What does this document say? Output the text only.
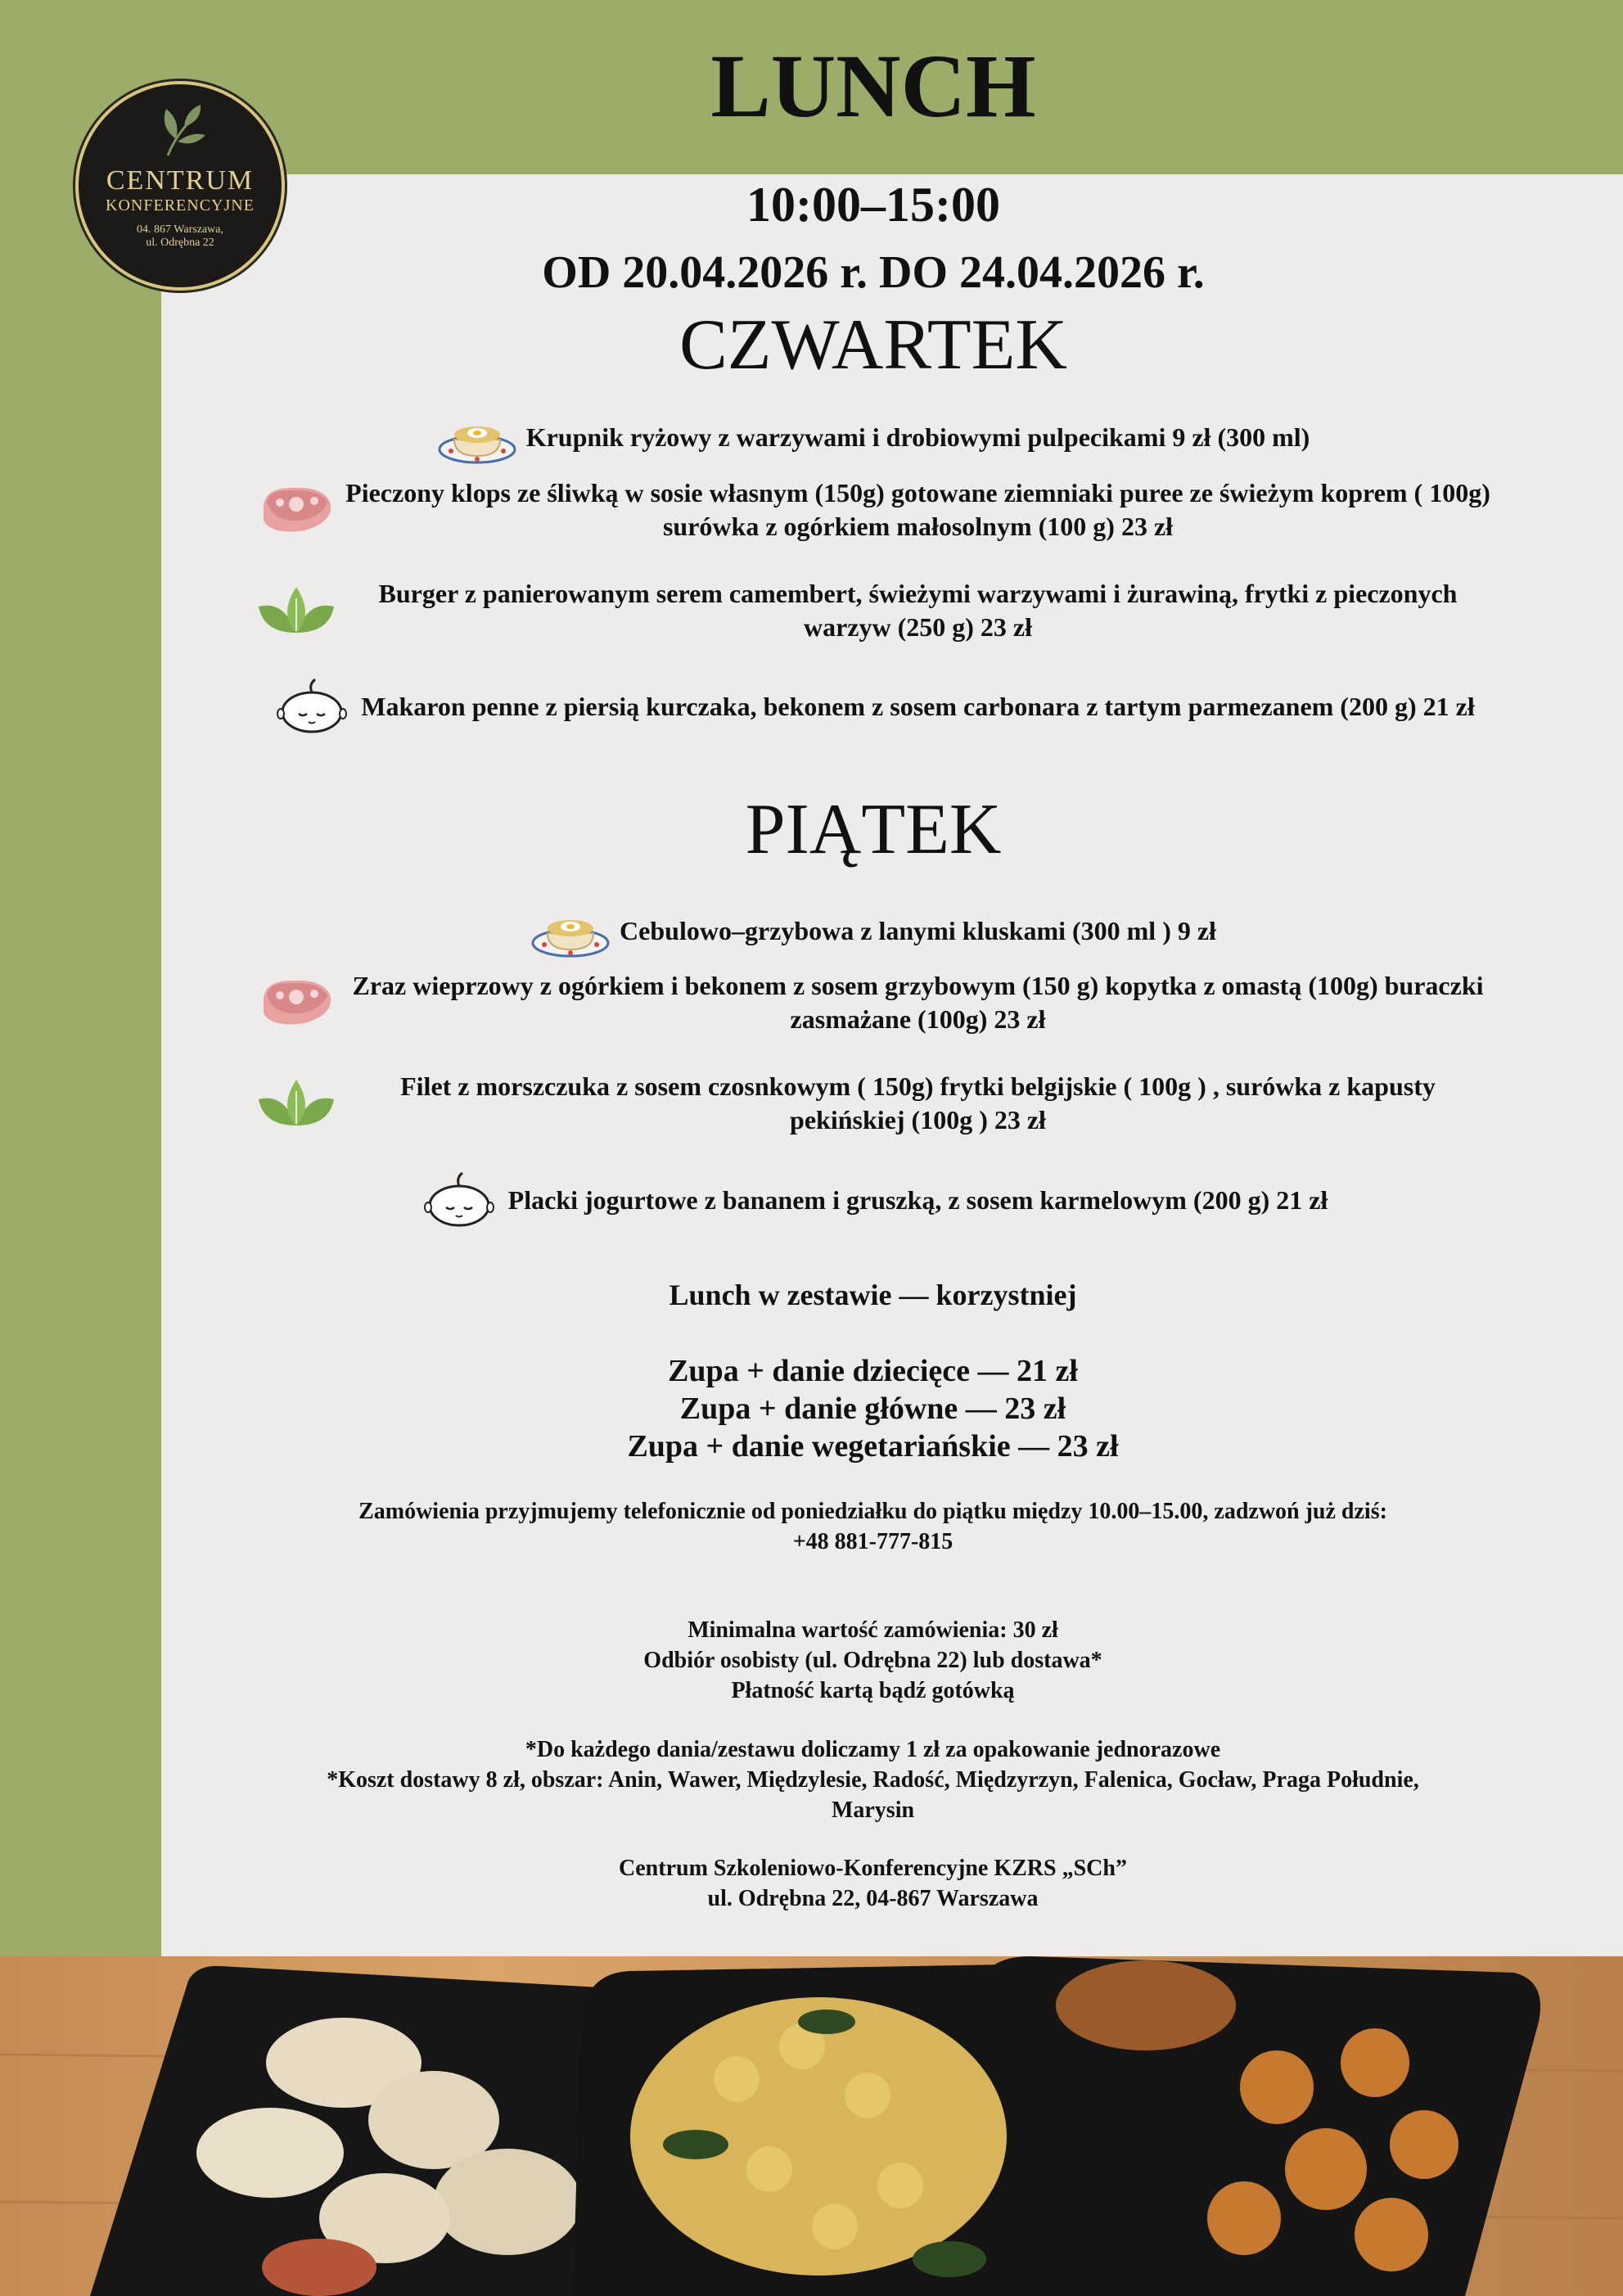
CENTRUM
KONFERENCYJNE
04. 867 Warszawa,
ul. Odrębna 22
LUNCH
10:00–15:00
OD 20.04.2026 r. DO 24.04.2026 r.
CZWARTEK
Krupnik ryżowy z warzywami i drobiowymi pulpecikami 9 zł (300 ml)
Pieczony klops ze śliwką w sosie własnym (150g) gotowane ziemniaki puree ze świeżym koprem ( 100g) surówka z ogórkiem małosolnym (100 g) 23 zł
Burger z panierowanym serem camembert, świeżymi warzywami i żurawiną, frytki z pieczonych warzyw (250 g) 23 zł
Makaron penne z piersią kurczaka, bekonem z sosem carbonara z tartym parmezanem (200 g) 21 zł
PIĄTEK
Cebulowo–grzybowa z lanymi kluskami (300 ml ) 9 zł
Zraz wieprzowy z ogórkiem i bekonem z sosem grzybowym (150 g) kopytka z omastą (100g) buraczki zasmażane (100g) 23 zł
Filet z morszczuka z sosem czosnkowym ( 150g) frytki belgijskie ( 100g ) , surówka z kapusty pekińskiej (100g ) 23 zł
Placki jogurtowe z bananem i gruszką, z sosem karmelowym (200 g) 21 zł
Lunch w zestawie — korzystniej
Zupa + danie dziecięce — 21 zł
Zupa + danie główne — 23 zł
Zupa + danie wegetariańskie — 23 zł
Zamówienia przyjmujemy telefonicznie od poniedziałku do piątku między 10.00–15.00, zadzwoń już dziś:
+48 881-777-815
Minimalna wartość zamówienia: 30 zł
Odbiór osobisty (ul. Odrębna 22) lub dostawa*
Płatność kartą bądź gotówką
*Do każdego dania/zestawu doliczamy 1 zł za opakowanie jednorazowe
*Koszt dostawy 8 zł, obszar: Anin, Wawer, Międzylesie, Radość, Międzyrzyn, Falenica, Gocław, Praga Południe, Marysin
Centrum Szkoleniowo-Konferencyjne KZRS „SCh”
ul. Odrębna 22, 04-867 Warszawa
